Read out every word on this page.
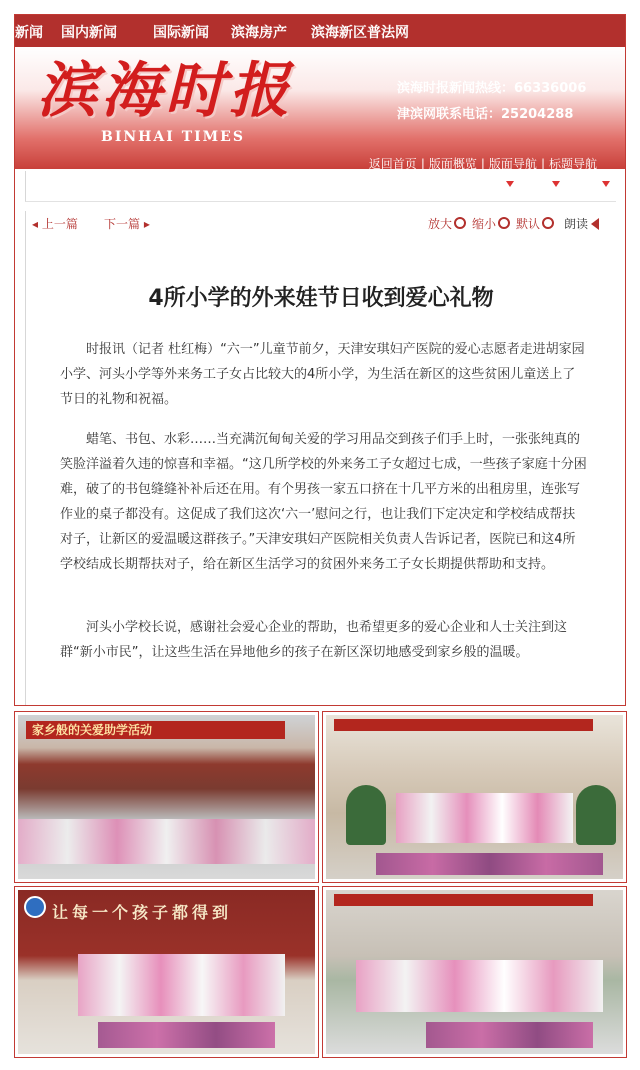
新闻 国内新闻	国际新闻 滨海房产 滨海新区普法网
滨海时报
BINHAI TIMES
滨海时报新闻热线：66336006
津滨网联系电话：25204288
返回首页 | 版面概览 | 版面导航 | 标题导航
◂ 上一篇 下一篇 ▸	放大	缩小	默认	朗读
4所小学的外来娃节日收到爱心礼物

时报讯（记者 杜红梅）“六一”儿童节前夕，天津安琪妇产医院的爱心志愿者走进胡家园小学、河头小学等外来务工子女占比较大的4所小学，为生活在新区的这些贫困儿童送上了节日的礼物和祝福。

蜡笔、书包、水彩……当充满沉甸甸关爱的学习用品交到孩子们手上时，一张张纯真的笑脸洋溢着久违的惊喜和幸福。“这几所学校的外来务工子女超过七成，一些孩子家庭十分困难，破了的书包缝缝补补后还在用。有个男孩一家五口挤在十几平方米的出租房里，连张写作业的桌子都没有。这促成了我们这次‘六一’慰问之行，也让我们下定决定和学校结成帮扶对子，让新区的爱温暖这群孩子。”天津安琪妇产医院相关负责人告诉记者，医院已和这4所学校结成长期帮扶对子，给在新区生活学习的贫困外来务工子女长期提供帮助和支持。

河头小学校长说，感谢社会爱心企业的帮助，也希望更多的爱心企业和人士关注到这群“新小市民”，让这些生活在异地他乡的孩子在新区深切地感受到家乡般的温暖。

家乡般的关爱助学活动
让每一个孩子都得到
